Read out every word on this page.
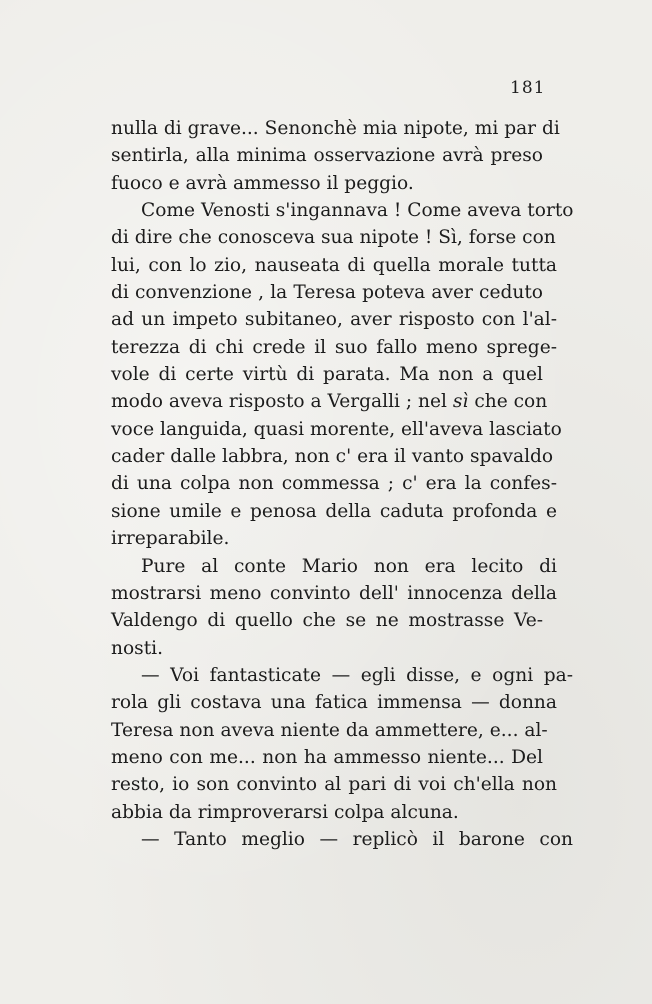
181
nulla di grave... Senonchè mia nipote, mi par di
sentirla, alla minima osservazione avrà preso
fuoco e avrà ammesso il peggio.
Come Venosti s'ingannava ! Come aveva torto
di dire che conosceva sua nipote ! Sì, forse con
lui, con lo zio, nauseata di quella morale tutta
di convenzione , la Teresa poteva aver ceduto
ad un impeto subitaneo, aver risposto con l'al-
terezza di chi crede il suo fallo meno sprege-
vole di certe virtù di parata. Ma non a quel
modo aveva risposto a Vergalli ; nel sì che con
voce languida, quasi morente, ell'aveva lasciato
cader dalle labbra, non c' era il vanto spavaldo
di una colpa non commessa ; c' era la confes-
sione umile e penosa della caduta profonda e
irreparabile.
Pure al conte Mario non era lecito di
mostrarsi meno convinto dell' innocenza della
Valdengo di quello che se ne mostrasse Ve-
nosti.
— Voi fantasticate — egli disse, e ogni pa-
rola gli costava una fatica immensa — donna
Teresa non aveva niente da ammettere, e... al-
meno con me... non ha ammesso niente... Del
resto, io son convinto al pari di voi ch'ella non
abbia da rimproverarsi colpa alcuna.
— Tanto meglio — replicò il barone con
